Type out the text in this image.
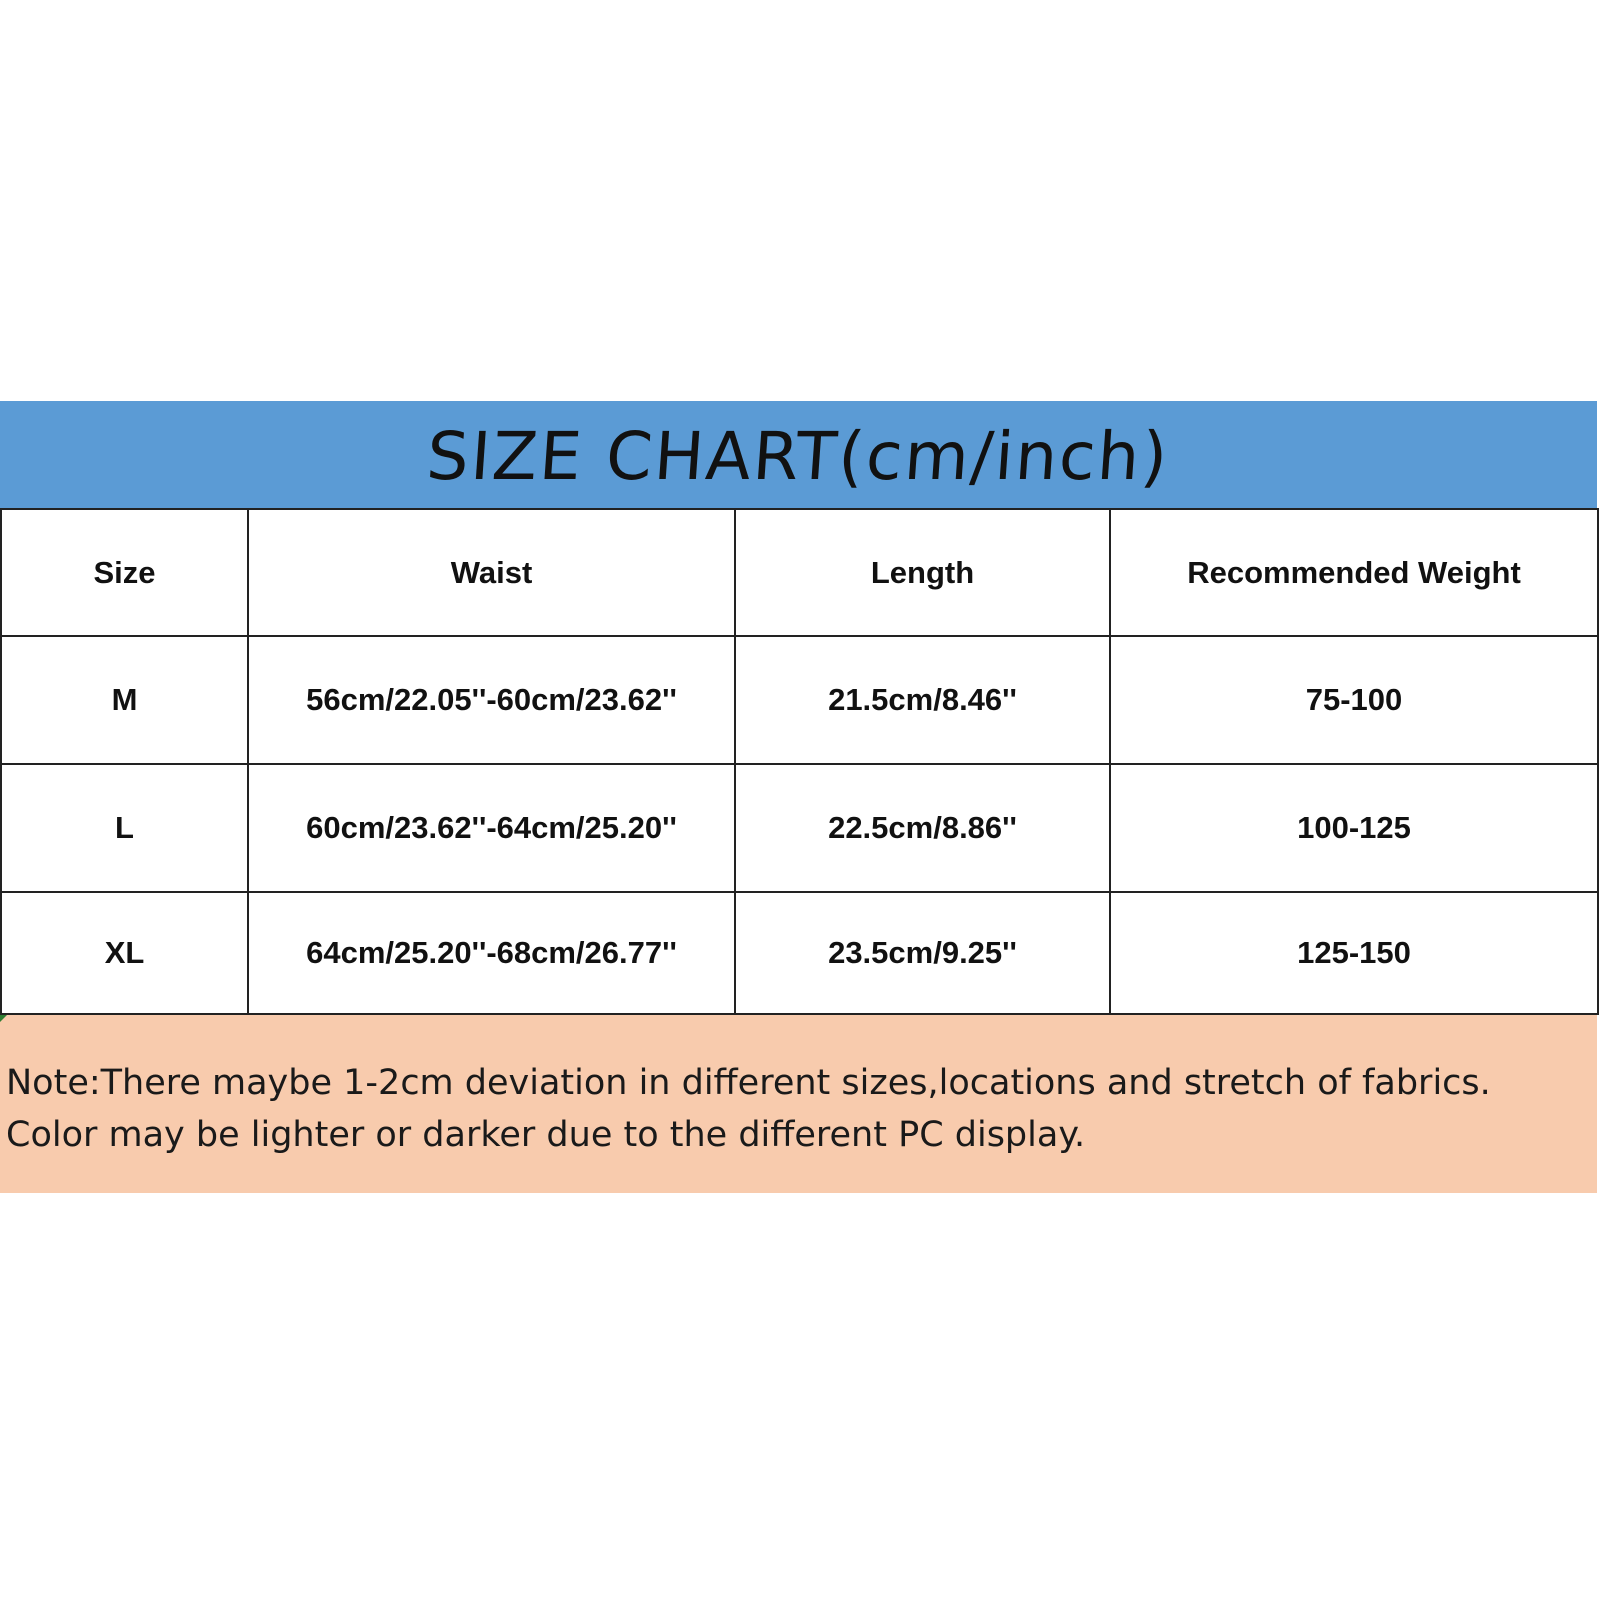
SIZE CHART(cm/inch)
Size	Waist	Length	Recommended Weight
M	56cm/22.05''-60cm/23.62''	21.5cm/8.46''	75-100
L	60cm/23.62''-64cm/25.20''	22.5cm/8.86''	100-125
XL	64cm/25.20''-68cm/26.77''	23.5cm/9.25''	125-150
Note:There maybe 1-2cm deviation in different sizes,locations and stretch of fabrics.
Color may be lighter or darker due to the different PC display.
